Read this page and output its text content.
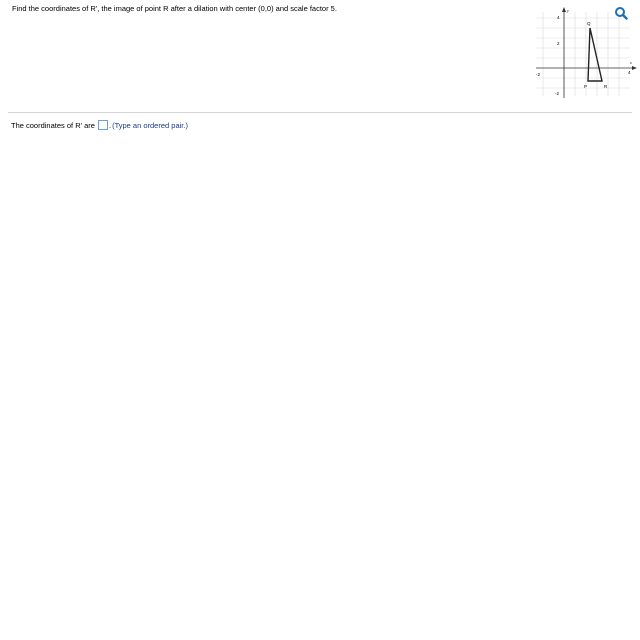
Find the coordinates of R', the image of point R after a dilation with center (0,0) and scale factor 5.	y
x
4
2
-2
-2	4
Q
P	R
The coordinates of R' are . (Type an ordered pair.)
